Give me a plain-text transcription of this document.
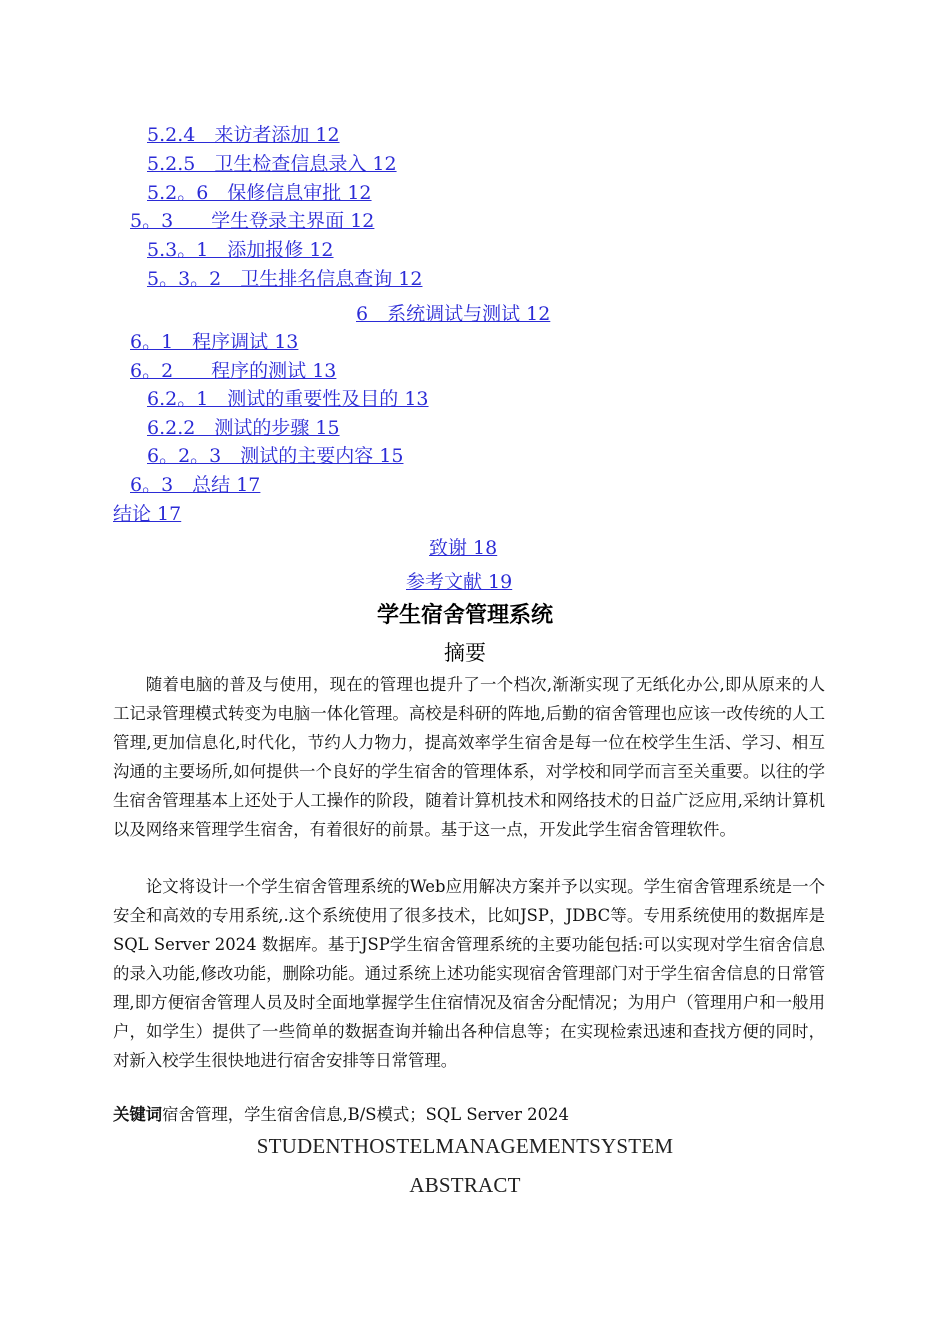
5.2.4　来访者添加 12
5.2.5　卫生检查信息录入 12
5.2。6　保修信息审批 12
5。3　　学生登录主界面 12
5.3。1　添加报修 12
5。3。2　卫生排名信息查询 12
6　系统调试与测试 12
6。1　程序调试 13
6。2　　程序的测试 13
6.2。1　测试的重要性及目的 13
6.2.2　测试的步骤 15
6。2。3　测试的主要内容 15
6。3　总结 17
结论 17
致谢 18
参考文献 19
学生宿舍管理系统
摘要

随着电脑的普及与使用，现在的管理也提升了一个档次,渐渐实现了无纸化办公,即从原来的人工记录管理模式转变为电脑一体化管理。高校是科研的阵地,后勤的宿舍管理也应该一改传统的人工管理,更加信息化,时代化，节约人力物力，提高效率学生宿舍是每一位在校学生生活、学习、相互沟通的主要场所,如何提供一个良好的学生宿舍的管理体系，对学校和同学而言至关重要。以往的学生宿舍管理基本上还处于人工操作的阶段，随着计算机技术和网络技术的日益广泛应用,采纳计算机以及网络来管理学生宿舍，有着很好的前景。基于这一点，开发此学生宿舍管理软件。

论文将设计一个学生宿舍管理系统的Web应用解决方案并予以实现。学生宿舍管理系统是一个安全和高效的专用系统,.这个系统使用了很多技术，比如JSP，JDBC等。专用系统使用的数据库是SQL Server 2024 数据库。基于JSP学生宿舍管理系统的主要功能包括:可以实现对学生宿舍信息的录入功能,修改功能，删除功能。通过系统上述功能实现宿舍管理部门对于学生宿舍信息的日常管理,即方便宿舍管理人员及时全面地掌握学生住宿情况及宿舍分配情况；为用户（管理用户和一般用户，如学生）提供了一些简单的数据查询并输出各种信息等；在实现检索迅速和查找方便的同时，对新入校学生很快地进行宿舍安排等日常管理。

关键词宿舍管理，学生宿舍信息,B/S模式；SQL Server 2024
STUDENTHOSTELMANAGEMENTSYSTEM
ABSTRACT
